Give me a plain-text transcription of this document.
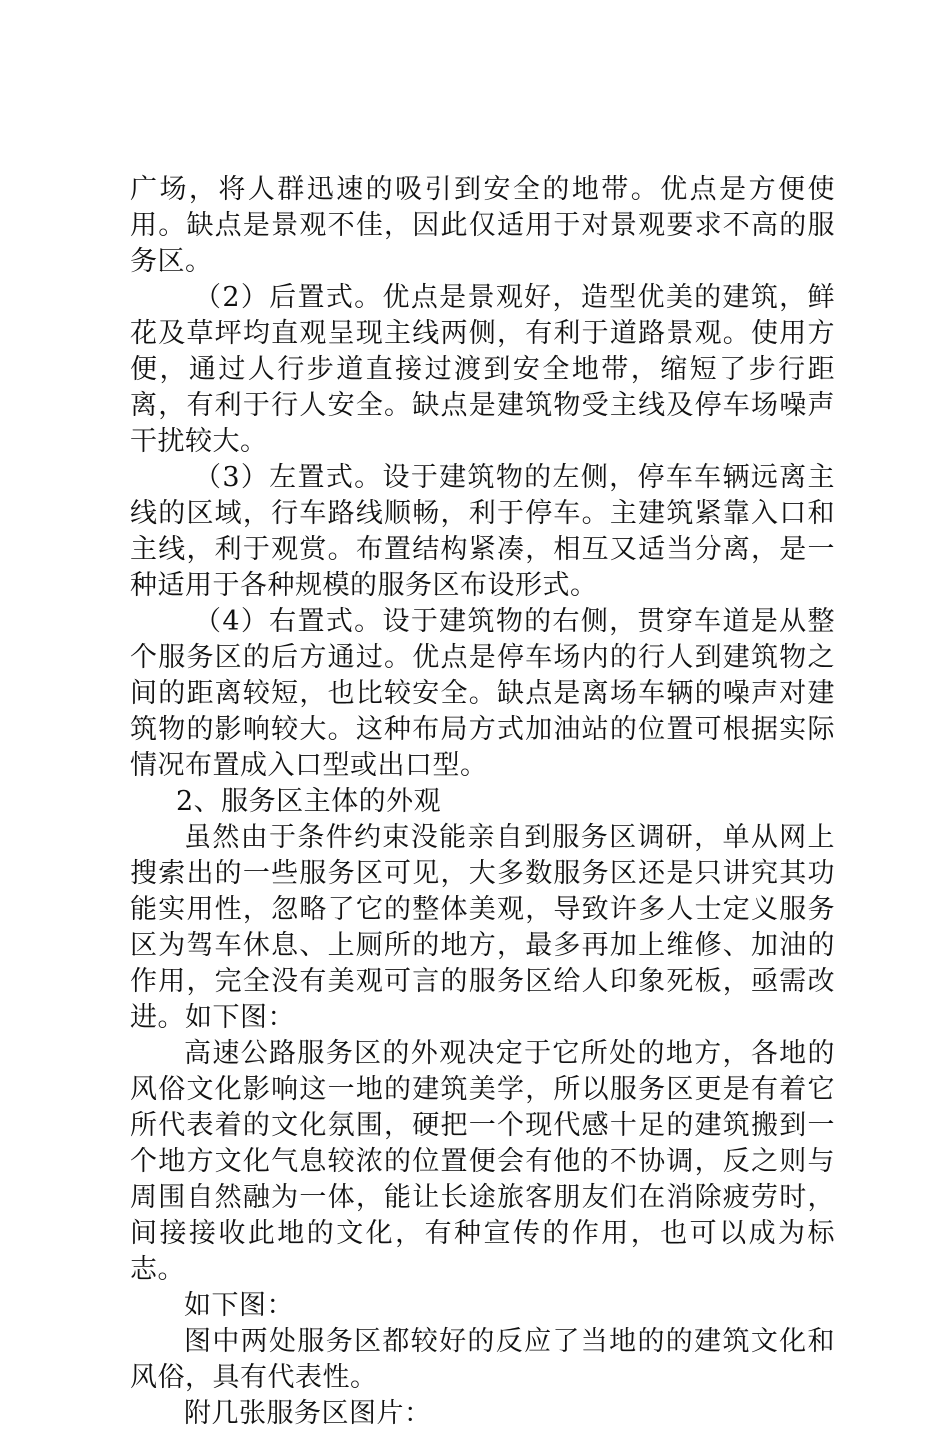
广场，将人群迅速的吸引到安全的地带。优点是方便使用。缺点是景观不佳，因此仅适用于对景观要求不高的服务区。

（2）后置式。优点是景观好，造型优美的建筑，鲜花及草坪均直观呈现主线两侧，有利于道路景观。使用方便，通过人行步道直接过渡到安全地带，缩短了步行距离，有利于行人安全。缺点是建筑物受主线及停车场噪声干扰较大。

（3）左置式。设于建筑物的左侧，停车车辆远离主线的区域，行车路线顺畅，利于停车。主建筑紧靠入口和主线，利于观赏。布置结构紧凑，相互又适当分离，是一种适用于各种规模的服务区布设形式。

（4）右置式。设于建筑物的右侧，贯穿车道是从整个服务区的后方通过。优点是停车场内的行人到建筑物之间的距离较短，也比较安全。缺点是离场车辆的噪声对建筑物的影响较大。这种布局方式加油站的位置可根据实际情况布置成入口型或出口型。

2、服务区主体的外观

虽然由于条件约束没能亲自到服务区调研，单从网上搜索出的一些服务区可见，大多数服务区还是只讲究其功能实用性，忽略了它的整体美观，导致许多人士定义服务区为驾车休息、上厕所的地方，最多再加上维修、加油的作用，完全没有美观可言的服务区给人印象死板，亟需改进。如下图：

高速公路服务区的外观决定于它所处的地方，各地的风俗文化影响这一地的建筑美学，所以服务区更是有着它所代表着的文化氛围，硬把一个现代感十足的建筑搬到一个地方文化气息较浓的位置便会有他的不协调，反之则与周围自然融为一体，能让长途旅客朋友们在消除疲劳时，间接接收此地的文化，有种宣传的作用，也可以成为标志。

如下图：

图中两处服务区都较好的反应了当地的的建筑文化和风俗，具有代表性。

附几张服务区图片：
